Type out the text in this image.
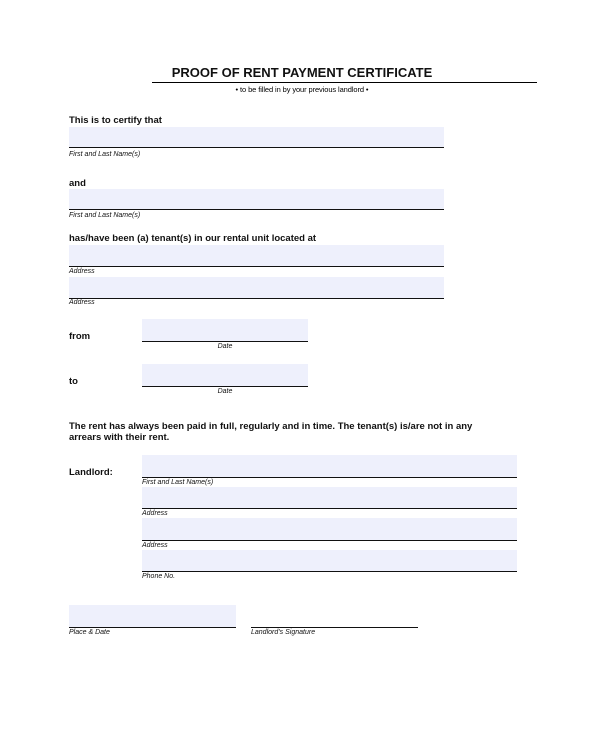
PROOF OF RENT PAYMENT CERTIFICATE
• to be filled in by your previous landlord •
This is to certify that
First and Last Name(s)
and
First and Last Name(s)
has/have been (a) tenant(s) in our rental unit located at
Address
Address
from
Date
to
Date
The rent has always been paid in full, regularly and in time. The tenant(s) is/are not in any
arrears with their rent.
Landlord:
First and Last Name(s)
Address
Address
Phone No.
Place & Date	Landlord’s Signature
